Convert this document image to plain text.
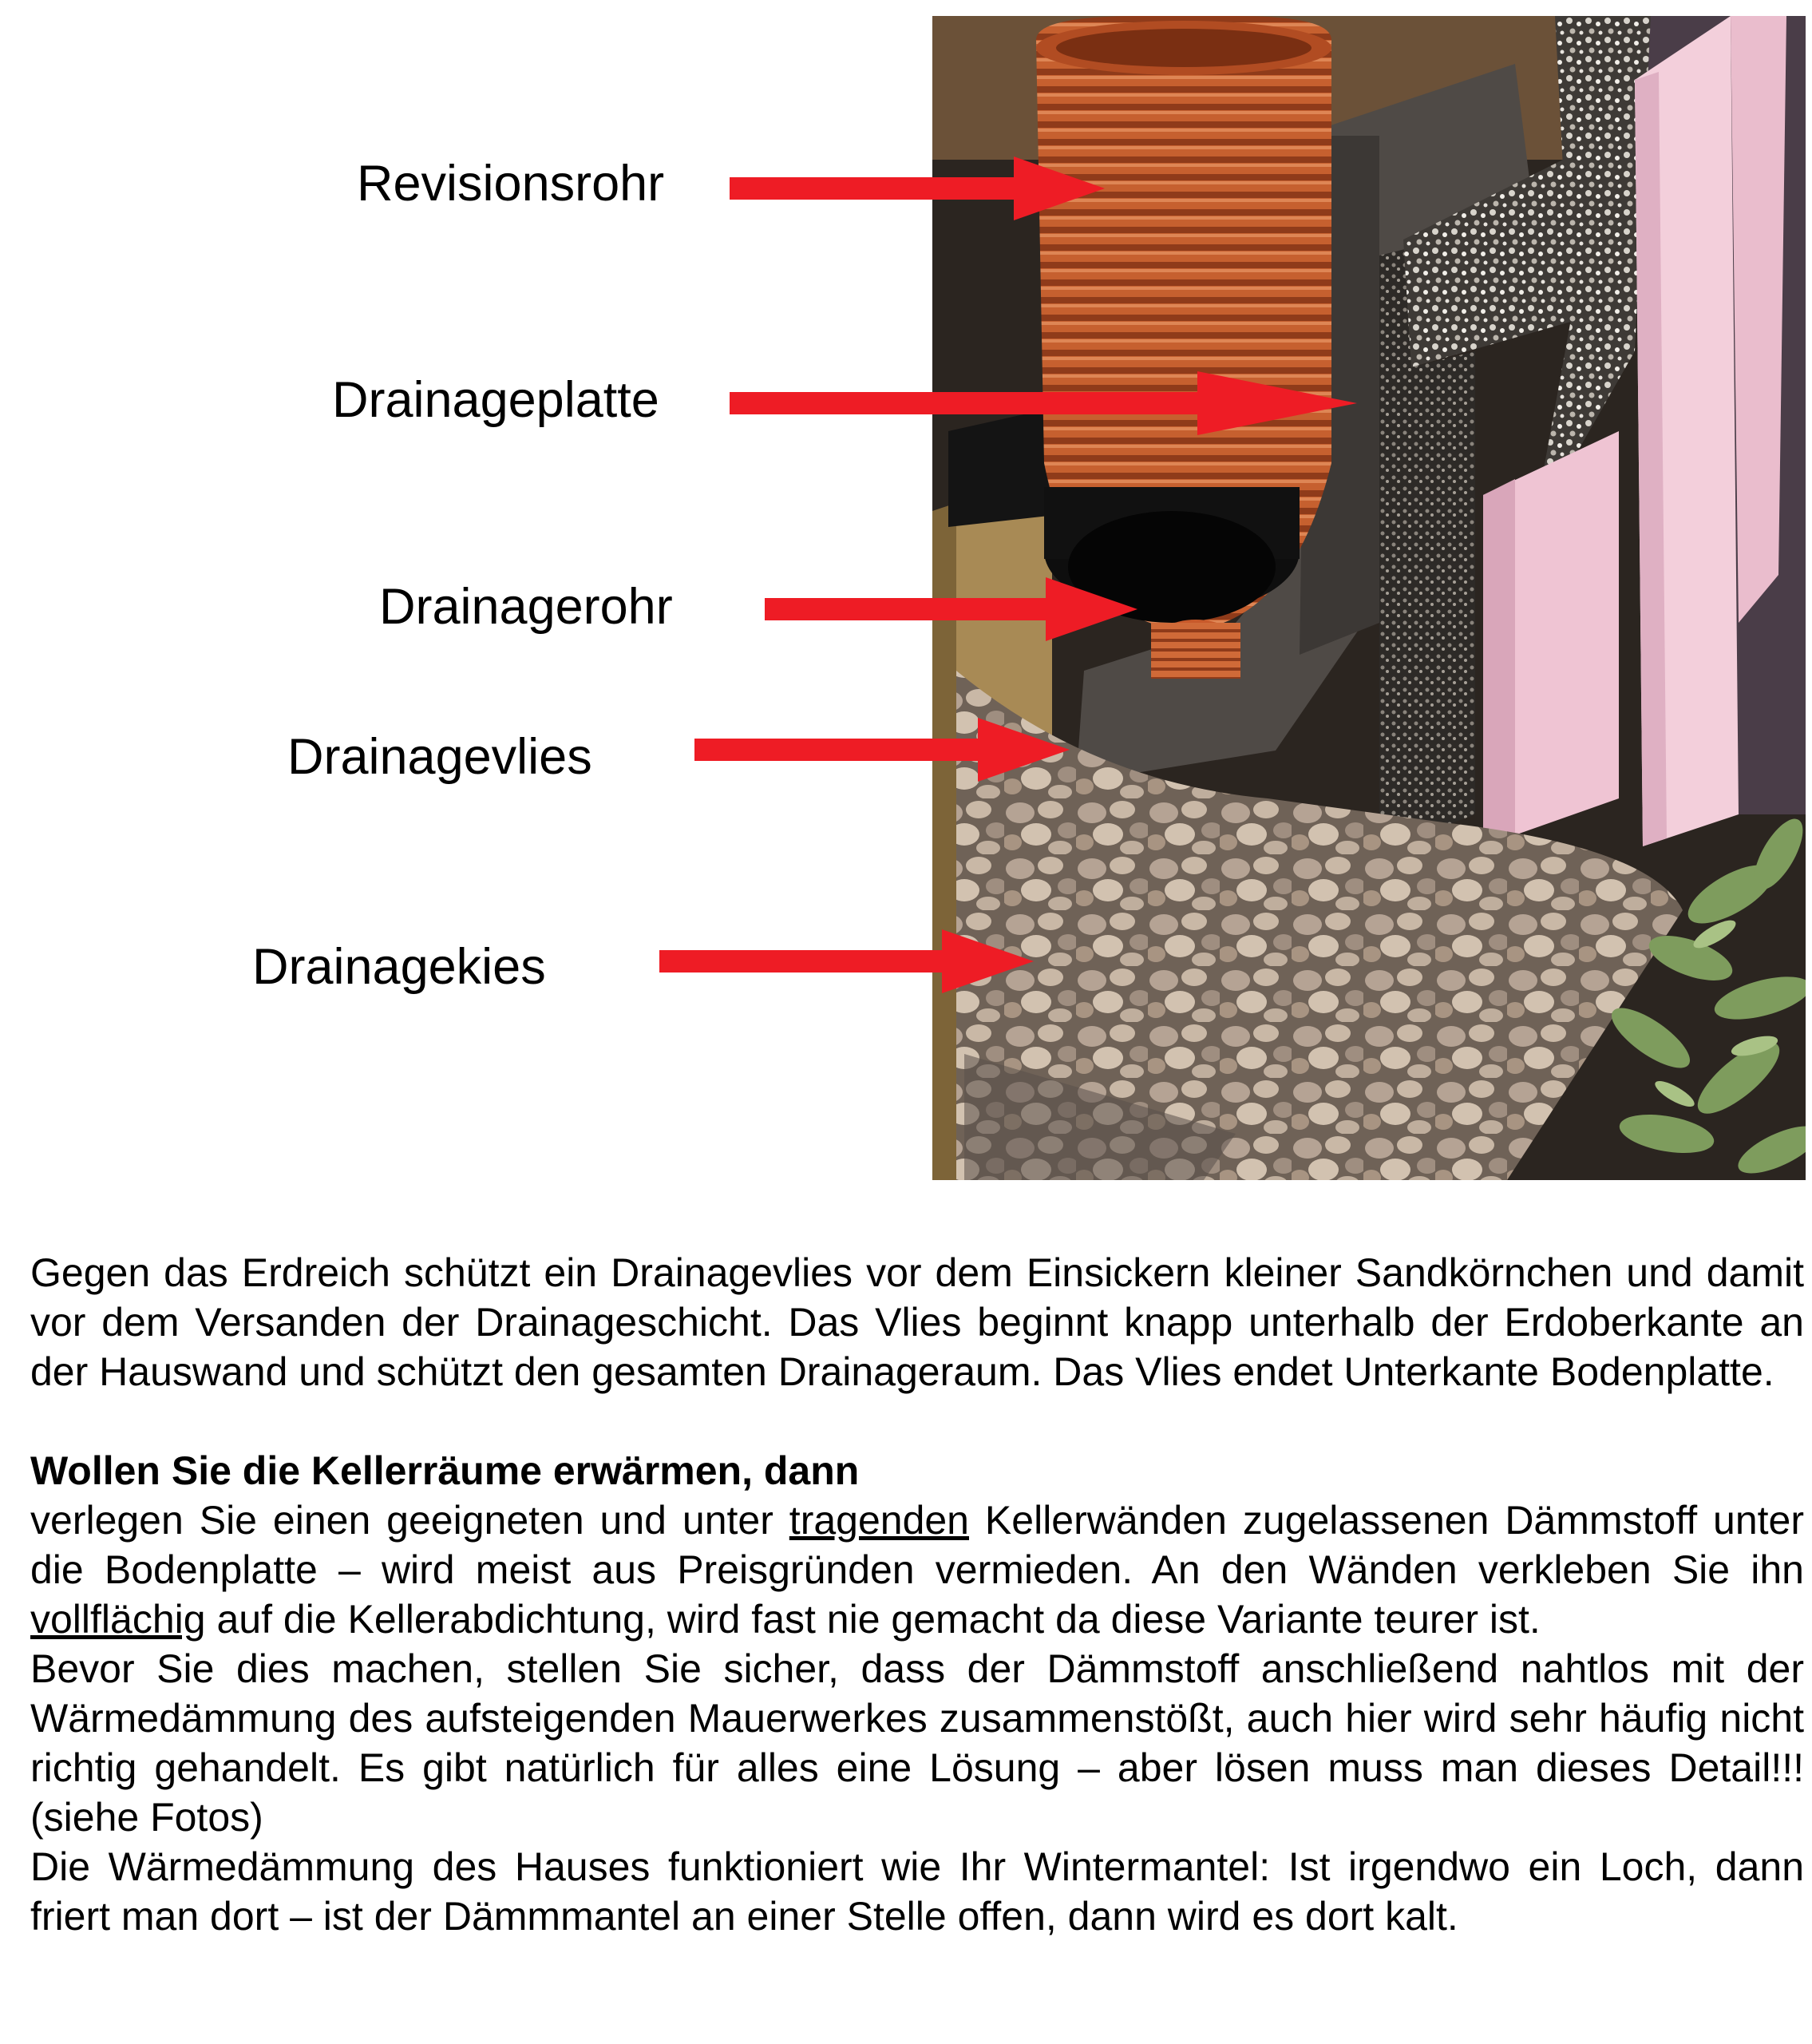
Revisionsrohr
Drainageplatte
Drainagerohr
Drainagevlies
Drainagekies

Gegen das Erdreich schützt ein Drainagevlies vor dem Einsickern kleiner Sandkörnchen und damit vor dem Versanden der Drainageschicht. Das Vlies beginnt knapp unterhalb der Erdoberkante an der Hauswand und schützt den gesamten Drainageraum. Das Vlies endet Unterkante Bodenplatte.

Wollen Sie die Kellerräume erwärmen, dann

verlegen Sie einen geeigneten und unter tragenden Kellerwänden zugelassenen Dämmstoff unter die Bodenplatte – wird meist aus Preisgründen vermieden. An den Wänden verkleben Sie ihn vollflächig auf die Kellerabdichtung, wird fast nie gemacht da diese Variante teurer ist.

Bevor Sie dies machen, stellen Sie sicher, dass der Dämmstoff anschließend nahtlos mit der Wärmedämmung des aufsteigenden Mauerwerkes zusammenstößt, auch hier wird sehr häufig nicht richtig gehandelt. Es gibt natürlich für alles eine Lösung – aber lösen muss man dieses Detail!!! (siehe Fotos)

Die Wärmedämmung des Hauses funktioniert wie Ihr Wintermantel: Ist irgendwo ein Loch, dann friert man dort – ist der Dämmmantel an einer Stelle offen, dann wird es dort kalt.
